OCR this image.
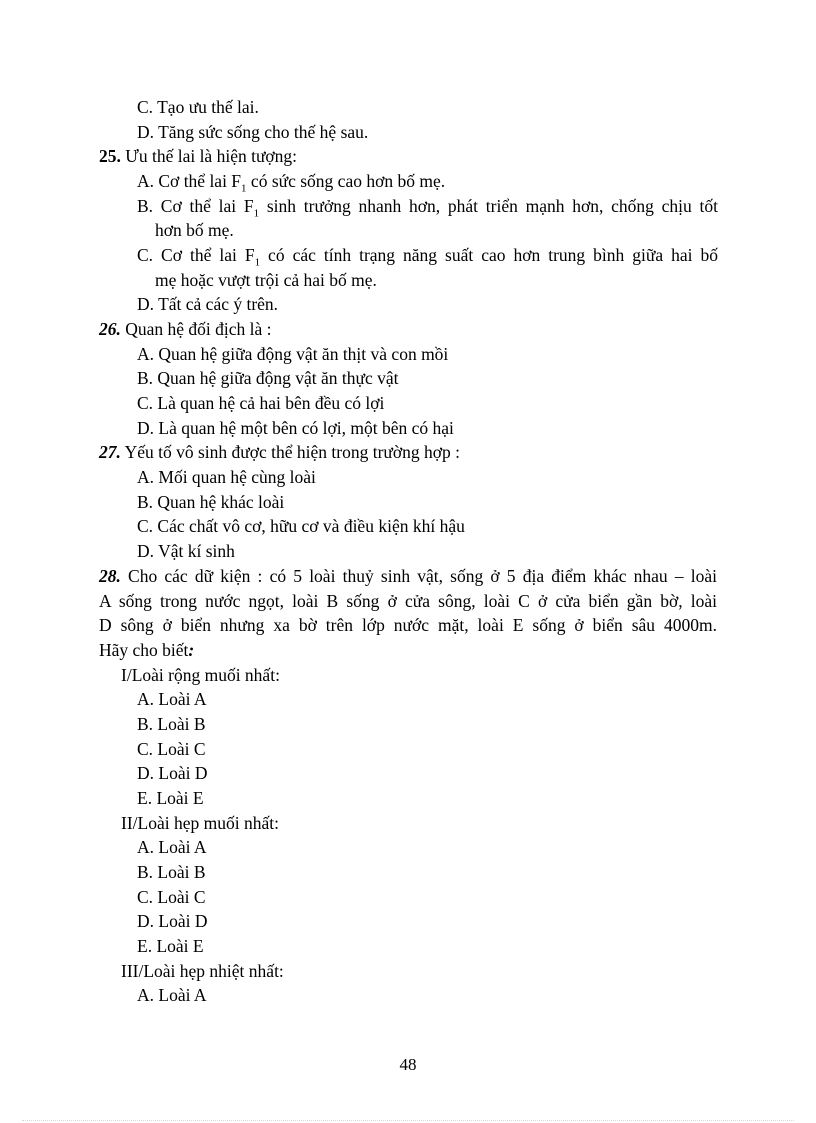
C. Tạo ưu thế lai.
D. Tăng sức sống cho thế hệ sau.
25. Ưu thế lai là hiện tượng:
A. Cơ thể lai $F_1$ có sức sống cao hơn bố mẹ.
B. Cơ thể lai $F_1$ sinh trưởng nhanh hơn, phát triển mạnh hơn, chống chịu tốt
hơn bố mẹ.
C. Cơ thể lai $F_1$ có các tính trạng năng suất cao hơn trung bình giữa hai bố
mẹ hoặc vượt trội cả hai bố mẹ.
D. Tất cả các ý trên.
26. Quan hệ đối địch là :
A. Quan hệ giữa động vật ăn thịt và con mồi
B. Quan hệ giữa động vật ăn thực vật
C. Là quan hệ cả hai bên đều có lợi
D. Là quan hệ một bên có lợi, một bên có hại
27. Yếu tố vô sinh được thể hiện trong trường hợp :
A. Mối quan hệ cùng loài
B. Quan hệ khác loài
C. Các chất vô cơ, hữu cơ và điều kiện khí hậu
D. Vật kí sinh
28. Cho các dữ kiện : có 5 loài thuỷ sinh vật, sống ở 5 địa điểm khác nhau – loài
A sống trong nước ngọt, loài B sống ở cửa sông, loài C ở cửa biển gần bờ, loài
D sông ở biển nhưng xa bờ trên lớp nước mặt, loài E sống ở biển sâu 4000m.
Hãy cho biết:
I/Loài rộng muối nhất:
A. Loài A
B. Loài B
C. Loài C
D. Loài D
E. Loài E
II/Loài hẹp muối nhất:
A. Loài A
B. Loài B
C. Loài C
D. Loài D
E. Loài E
III/Loài hẹp nhiệt nhất:
A. Loài A
48
